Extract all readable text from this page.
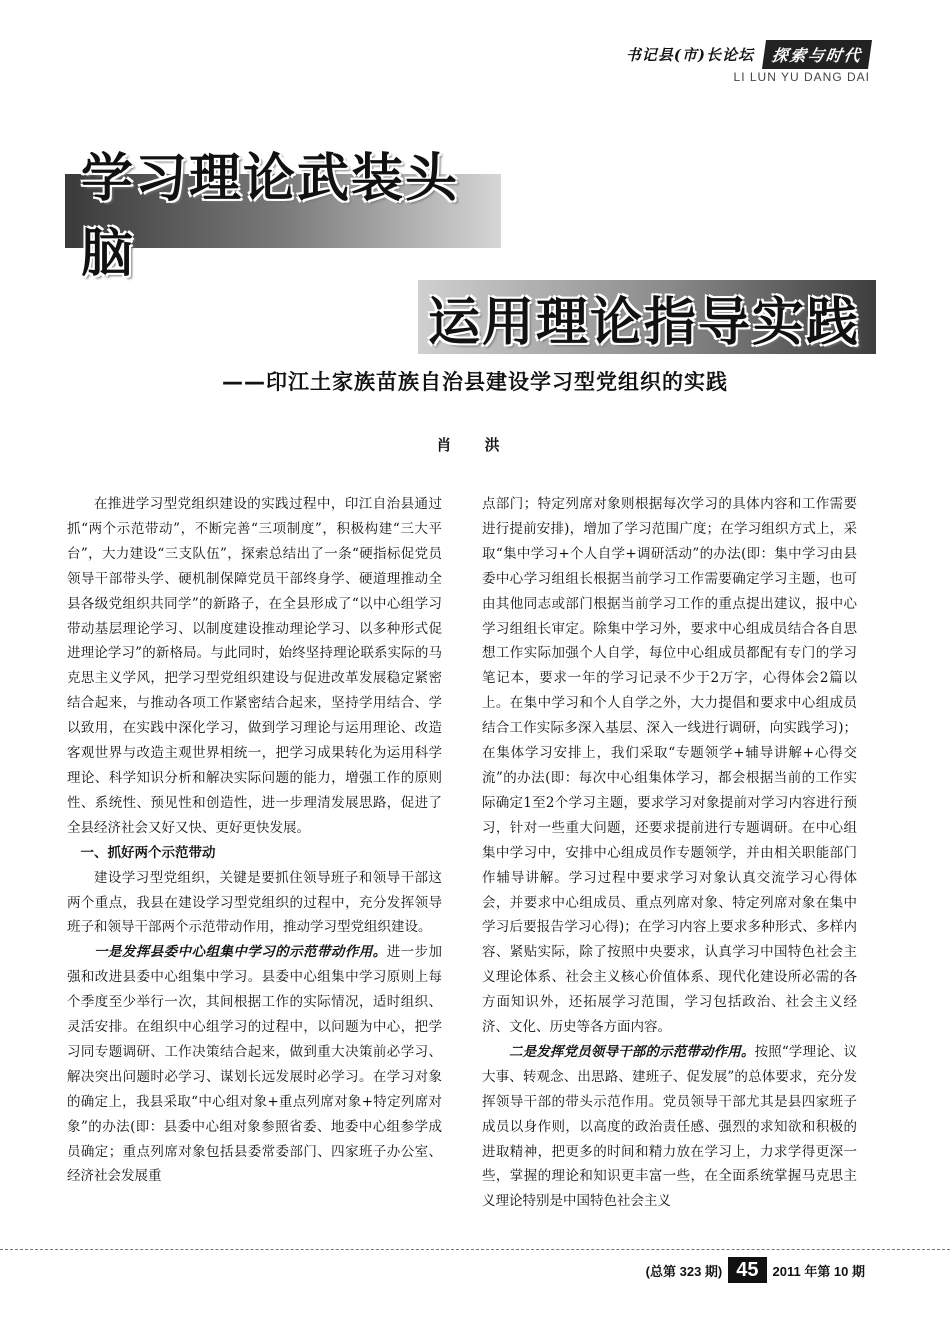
书记县(市)长论坛	探索与时代
LI LUN YU DANG DAI
学习理论武装头脑
运用理论指导实践
——印江土家族苗族自治县建设学习型党组织的实践
肖 洪

在推进学习型党组织建设的实践过程中，印江自治县通过抓“两个示范带动”，不断完善“三项制度”，积极构建“三大平台”，大力建设“三支队伍”，探索总结出了一条“硬指标促党员领导干部带头学、硬机制保障党员干部终身学、硬道理推动全县各级党组织共同学”的新路子，在全县形成了“以中心组学习带动基层理论学习、以制度建设推动理论学习、以多种形式促进理论学习”的新格局。与此同时，始终坚持理论联系实际的马克思主义学风，把学习型党组织建设与促进改革发展稳定紧密结合起来，与推动各项工作紧密结合起来，坚持学用结合、学以致用，在实践中深化学习，做到学习理论与运用理论、改造客观世界与改造主观世界相统一，把学习成果转化为运用科学理论、科学知识分析和解决实际问题的能力，增强工作的原则性、系统性、预见性和创造性，进一步理清发展思路，促进了全县经济社会又好又快、更好更快发展。

一、抓好两个示范带动

建设学习型党组织，关键是要抓住领导班子和领导干部这两个重点，我县在建设学习型党组织的过程中，充分发挥领导班子和领导干部两个示范带动作用，推动学习型党组织建设。

一是发挥县委中心组集中学习的示范带动作用。进一步加强和改进县委中心组集中学习。县委中心组集中学习原则上每个季度至少举行一次，其间根据工作的实际情况，适时组织、灵活安排。在组织中心组学习的过程中，以问题为中心，把学习同专题调研、工作决策结合起来，做到重大决策前必学习、解决突出问题时必学习、谋划长远发展时必学习。在学习对象的确定上，我县采取“中心组对象+重点列席对象+特定列席对象”的办法(即：县委中心组对象参照省委、地委中心组参学成员确定；重点列席对象包括县委常委部门、四家班子办公室、经济社会发展重

点部门；特定列席对象则根据每次学习的具体内容和工作需要进行提前安排)，增加了学习范围广度；在学习组织方式上，采取“集中学习+个人自学+调研活动”的办法(即：集中学习由县委中心学习组组长根据当前学习工作需要确定学习主题，也可由其他同志或部门根据当前学习工作的重点提出建议，报中心学习组组长审定。除集中学习外，要求中心组成员结合各自思想工作实际加强个人自学，每位中心组成员都配有专门的学习笔记本，要求一年的学习记录不少于2万字，心得体会2篇以上。在集中学习和个人自学之外，大力提倡和要求中心组成员结合工作实际多深入基层、深入一线进行调研，向实践学习)；在集体学习安排上，我们采取“专题领学+辅导讲解+心得交流”的办法(即：每次中心组集体学习，都会根据当前的工作实际确定1至2个学习主题，要求学习对象提前对学习内容进行预习，针对一些重大问题，还要求提前进行专题调研。在中心组集中学习中，安排中心组成员作专题领学，并由相关职能部门作辅导讲解。学习过程中要求学习对象认真交流学习心得体会，并要求中心组成员、重点列席对象、特定列席对象在集中学习后要报告学习心得)；在学习内容上要求多种形式、多样内容、紧贴实际，除了按照中央要求，认真学习中国特色社会主义理论体系、社会主义核心价值体系、现代化建设所必需的各方面知识外，还拓展学习范围，学习包括政治、社会主义经济、文化、历史等各方面内容。

二是发挥党员领导干部的示范带动作用。按照“学理论、议大事、转观念、出思路、建班子、促发展”的总体要求，充分发挥领导干部的带头示范作用。党员领导干部尤其是县四家班子成员以身作则，以高度的政治责任感、强烈的求知欲和积极的进取精神，把更多的时间和精力放在学习上，力求学得更深一些，掌握的理论和知识更丰富一些，在全面系统掌握马克思主义理论特别是中国特色社会主义

(总第 323 期) 45	2011 年第 10 期
